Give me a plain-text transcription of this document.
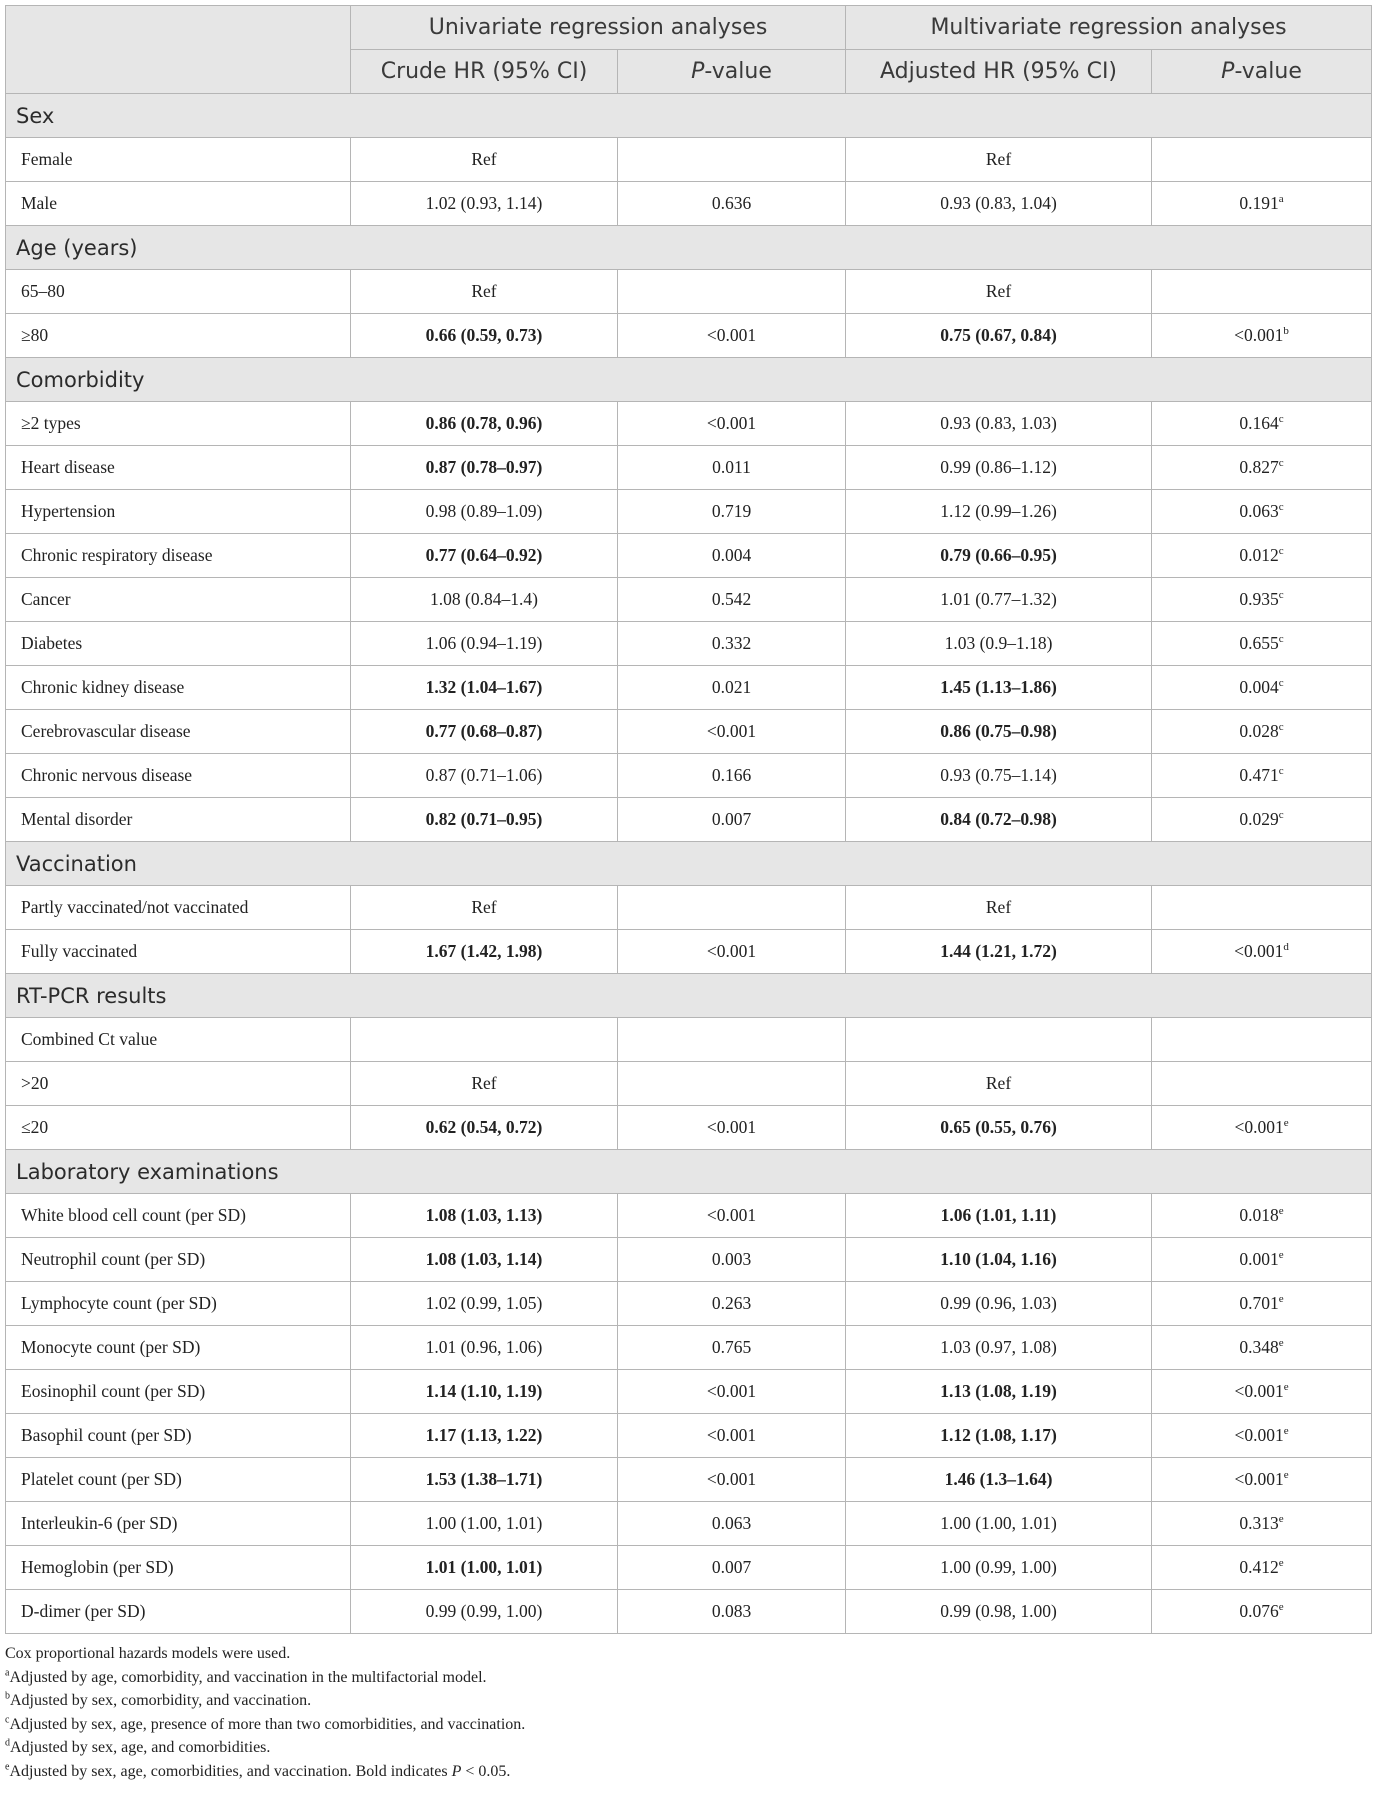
	Univariate regression analyses		Multivariate regression analyses	
	Crude HR (95% CI)	P-value	Adjusted HR (95% CI)	P-value
Sex				
Female	Ref		Ref	
Male	1.02 (0.93, 1.14)	0.636	0.93 (0.83, 1.04)	0.191$^a$
Age (years)				
65–80	Ref		Ref	
≥80	0.66 (0.59, 0.73)	<0.001	0.75 (0.67, 0.84)	<0.001$^b$
Comorbidity				
≥2 types	0.86 (0.78, 0.96)	<0.001	0.93 (0.83, 1.03)	0.164$^c$
Heart disease	0.87 (0.78–0.97)	0.011	0.99 (0.86–1.12)	0.827$^c$
Hypertension	0.98 (0.89–1.09)	0.719	1.12 (0.99–1.26)	0.063$^c$
Chronic respiratory disease	0.77 (0.64–0.92)	0.004	0.79 (0.66–0.95)	0.012$^c$
Cancer	1.08 (0.84–1.4)	0.542	1.01 (0.77–1.32)	0.935$^c$
Diabetes	1.06 (0.94–1.19)	0.332	1.03 (0.9–1.18)	0.655$^c$
Chronic kidney disease	1.32 (1.04–1.67)	0.021	1.45 (1.13–1.86)	0.004$^c$
Cerebrovascular disease	0.77 (0.68–0.87)	<0.001	0.86 (0.75–0.98)	0.028$^c$
Chronic nervous disease	0.87 (0.71–1.06)	0.166	0.93 (0.75–1.14)	0.471$^c$
Mental disorder	0.82 (0.71–0.95)	0.007	0.84 (0.72–0.98)	0.029$^c$
Vaccination				
Partly vaccinated/not vaccinated	Ref		Ref	
Fully vaccinated	1.67 (1.42, 1.98)	<0.001	1.44 (1.21, 1.72)	<0.001$^d$
RT-PCR results				
Combined Ct value				
>20	Ref		Ref	
≤20	0.62 (0.54, 0.72)	<0.001	0.65 (0.55, 0.76)	<0.001$^e$
Laboratory examinations				
White blood cell count (per SD)	1.08 (1.03, 1.13)	<0.001	1.06 (1.01, 1.11)	0.018e
Neutrophil count (per SD)	1.08 (1.03, 1.14)	0.003	1.10 (1.04, 1.16)	0.001e
Lymphocyte count (per SD)	1.02 (0.99, 1.05)	0.263	0.99 (0.96, 1.03)	0.701e
Monocyte count (per SD)	1.01 (0.96, 1.06)	0.765	1.03 (0.97, 1.08)	0.348e
Eosinophil count (per SD)	1.14 (1.10, 1.19)	<0.001	1.13 (1.08, 1.19)	<0.001$^e$
Basophil count (per SD)	1.17 (1.13, 1.22)	<0.001	1.12 (1.08, 1.17)	<0.001$^e$
Platelet count (per SD)	1.53 (1.38–1.71)	<0.001	1.46 (1.3–1.64)	<0.001$^e$
Interleukin-6 (per SD)	1.00 (1.00, 1.01)	0.063	1.00 (1.00, 1.01)	0.313e
Hemoglobin (per SD)	1.01 (1.00, 1.01)	0.007	1.00 (0.99, 1.00)	0.412e
D-dimer (per SD)	0.99 (0.99, 1.00)	0.083	0.99 (0.98, 1.00)	0.076e

Cox proportional hazards models were used.

$^a$Adjusted by age, comorbidity, and vaccination in the multifactorial model.

$^b$Adjusted by sex, comorbidity, and vaccination.

$^c$Adjusted by sex, age, presence of more than two comorbidities, and vaccination.

$^d$Adjusted by sex, age, and comorbidities.

$^e$Adjusted by sex, age, comorbidities, and vaccination. Bold indicates P < 0.05.
